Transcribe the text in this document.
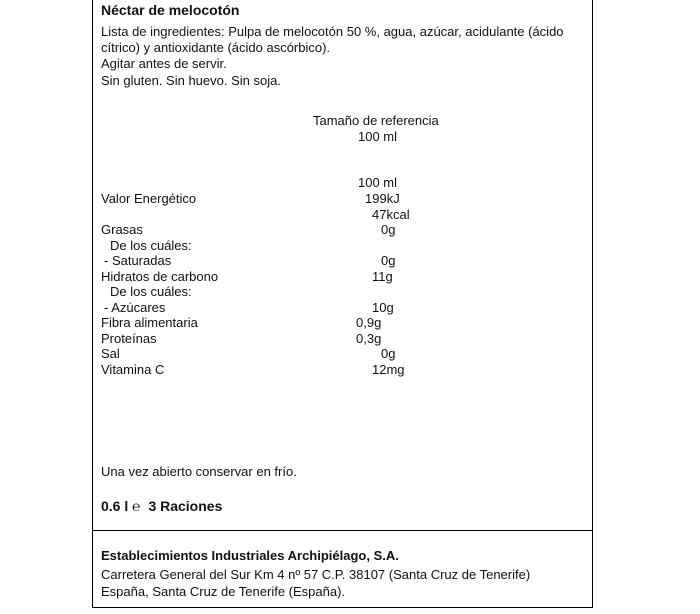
Néctar de melocotón
Lista de ingredientes: Pulpa de melocotón 50 %, agua, azúcar, acidulante (ácido
cítrico) y antioxidante (ácido ascórbico).
Agitar antes de servir.
Sin gluten. Sin huevo. Sin soja.
Tamaño de referencia
100 ml
100 ml
Valor Energético	199kJ
47kcal
Grasas	0g
De los cuáles:
- Saturadas	0g
Hidratos de carbono	11g
De los cuáles:
- Azúcares	10g
Fibra alimentaria	0,9g
Proteínas	0,3g
Sal	0g
Vitamina C	12mg
Una vez abierto conservar en frío.
0.6 l ℮ 3 Raciones
Establecimientos Industriales Archipiélago, S.A.
Carretera General del Sur Km 4 nº 57 C.P. 38107 (Santa Cruz de Tenerife)
España, Santa Cruz de Tenerife (España).
